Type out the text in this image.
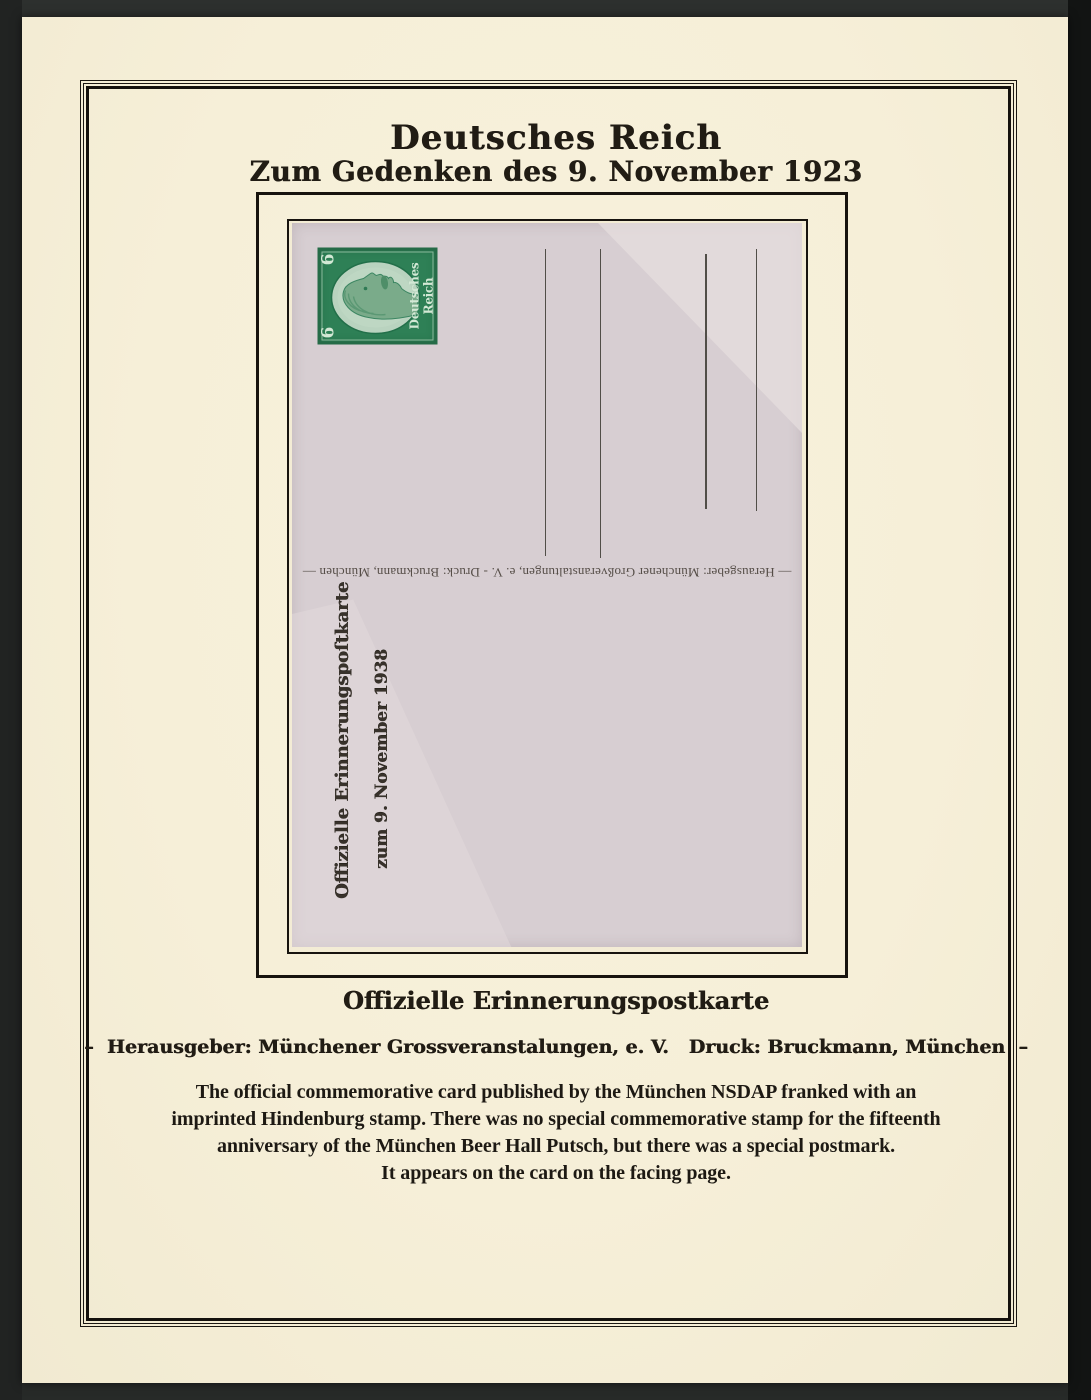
Deutsches Reich
Zum Gedenken des 9. November 1923
6
6
Deutsches Reich
— Herausgeber: Münchener Großveranstaltungen, e. V. - Druck: Bruckmann, München —
Offizielle Erinnerungspoſtkarte	zum 9. November 1938
Offizielle Erinnerungspostkarte
–  Herausgeber: Münchener Grossveranstalungen, e. V.   Druck: Bruckmann, München  –
The official commemorative card published by the München NSDAP franked with an
imprinted Hindenburg stamp. There was no special commemorative stamp for the fifteenth
anniversary of the München Beer Hall Putsch, but there was a special postmark.
It appears on the card on the facing page.
